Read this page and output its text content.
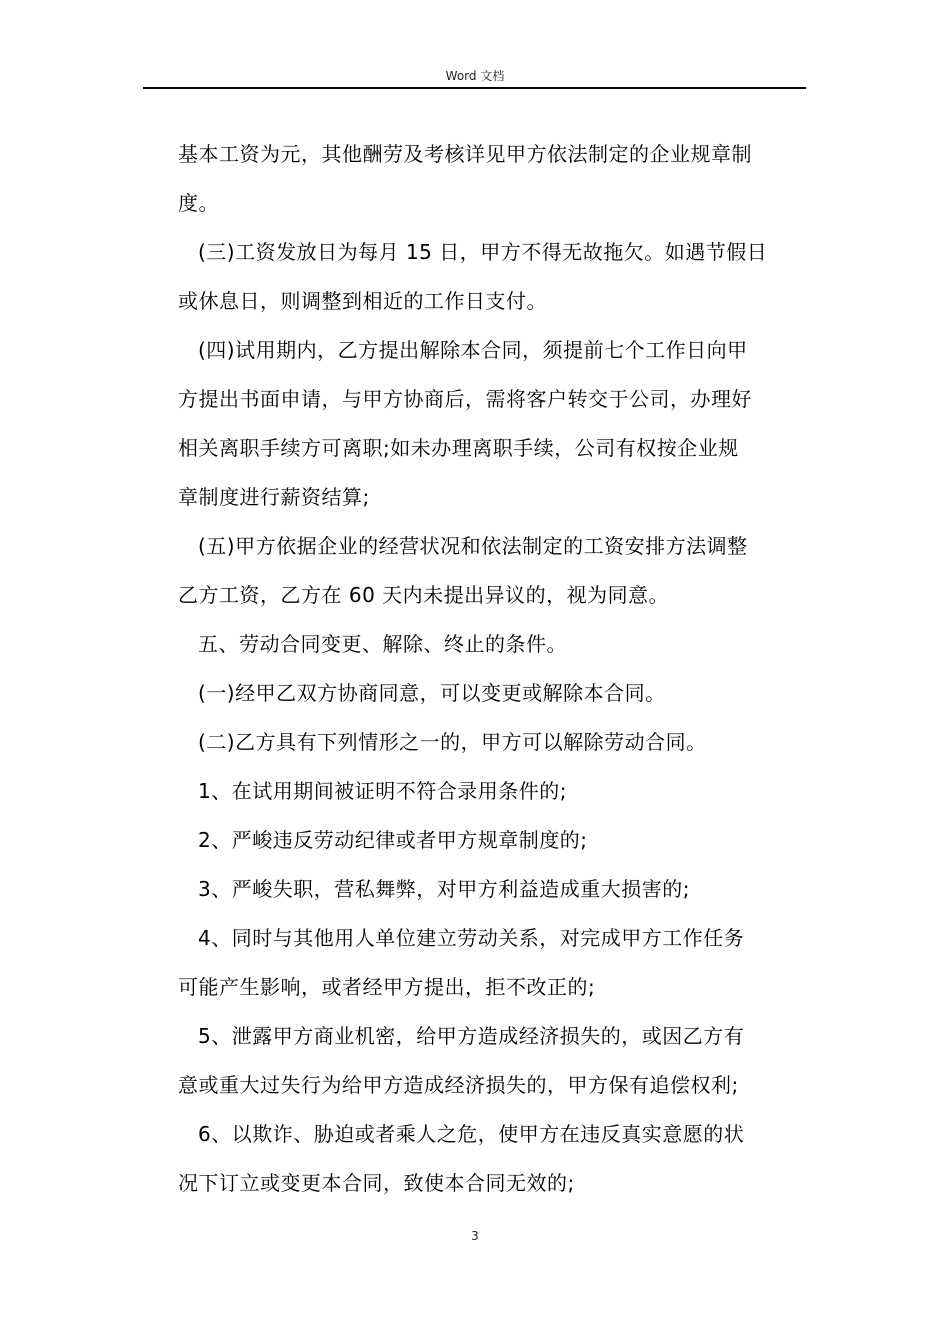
Word 文档
基本工资为元，其他酬劳及考核详见甲方依法制定的企业规章制
度。
(三)工资发放日为每月 15 日，甲方不得无故拖欠。如遇节假日
或休息日，则调整到相近的工作日支付。
(四)试用期内，乙方提出解除本合同，须提前七个工作日向甲
方提出书面申请，与甲方协商后，需将客户转交于公司，办理好
相关离职手续方可离职;如未办理离职手续，公司有权按企业规
章制度进行薪资结算;
(五)甲方依据企业的经营状况和依法制定的工资安排方法调整
乙方工资，乙方在 60 天内未提出异议的，视为同意。
五、劳动合同变更、解除、终止的条件。
(一)经甲乙双方协商同意，可以变更或解除本合同。
(二)乙方具有下列情形之一的，甲方可以解除劳动合同。
1、在试用期间被证明不符合录用条件的;
2、严峻违反劳动纪律或者甲方规章制度的;
3、严峻失职，营私舞弊，对甲方利益造成重大损害的;
4、同时与其他用人单位建立劳动关系，对完成甲方工作任务
可能产生影响，或者经甲方提出，拒不改正的;
5、泄露甲方商业机密，给甲方造成经济损失的，或因乙方有
意或重大过失行为给甲方造成经济损失的，甲方保有追偿权利;
6、以欺诈、胁迫或者乘人之危，使甲方在违反真实意愿的状
况下订立或变更本合同，致使本合同无效的;
3
